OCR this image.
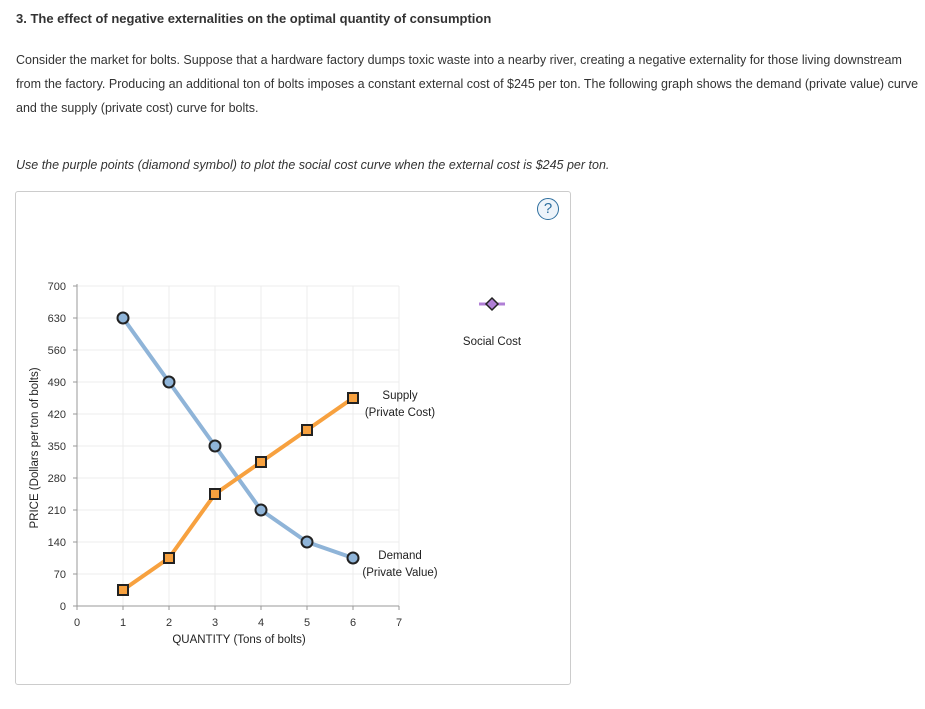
3. The effect of negative externalities on the optimal quantity of consumption

Consider the market for bolts. Suppose that a hardware factory dumps toxic waste into a nearby river, creating a negative externality for those living downstream from the factory. Producing an additional ton of bolts imposes a constant external cost of $245 per ton. The following graph shows the demand (private value) curve and the supply (private cost) curve for bolts.

Use the purple points (diamond symbol) to plot the social cost curve when the external cost is $245 per ton.

?
0
70
140
210
280
350
420
490
560
630
700
0	1	2	3	4	5	6	7
QUANTITY (Tons of bolts)
PRICE (Dollars per ton of bolts)
Demand
(Private Value)
Supply
(Private Cost)
Social Cost
